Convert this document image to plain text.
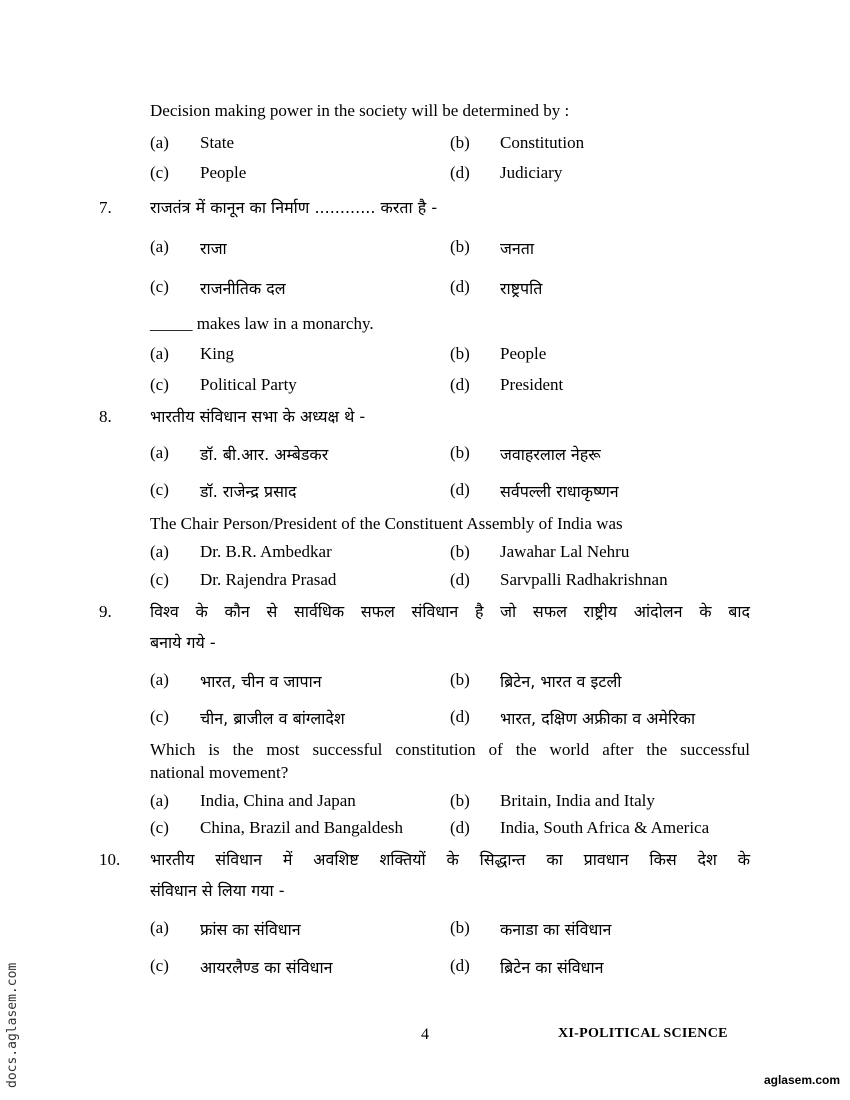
Decision making power in the society will be determined by :
(a) State	(b) Constitution
(c) People	(d) Judiciary
7. राजतंत्र में कानून का निर्माण ............ करता है -
(a) राजा	(b) जनता
(c) राजनीतिक दल	(d) राष्ट्रपति
_____ makes law in a monarchy.
(a) King	(b) People
(c) Political Party	(d) President
8. भारतीय संविधान सभा के अध्यक्ष थे -
(a) डॉ. बी.आर. अम्बेडकर	(b) जवाहरलाल नेहरू
(c) डॉ. राजेन्द्र प्रसाद	(d) सर्वपल्ली राधाकृष्णन
The Chair Person/President of the Constituent Assembly of India was
(a) Dr. B.R. Ambedkar	(b) Jawahar Lal Nehru
(c) Dr. Rajendra Prasad	(d) Sarvpalli Radhakrishnan
9. विश्व के कौन से सार्वधिक सफल संविधान है जो सफल राष्ट्रीय आंदोलन के बाद
बनाये गये -
(a) भारत, चीन व जापान	(b) ब्रिटेन, भारत व इटली
(c) चीन, ब्राजील व बांग्लादेश	(d) भारत, दक्षिण अफ्रीका व अमेरिका
Which is the most successful constitution of the world after the successful
national movement?
(a) India, China and Japan	(b) Britain, India and Italy
(c) China, Brazil and Bangaldesh	(d) India, South Africa & America
10. भारतीय संविधान में अवशिष्ट शक्तियों के सिद्धान्त का प्रावधान किस देश के
संविधान से लिया गया -
(a) फ्रांस का संविधान	(b) कनाडा का संविधान
(c) आयरलैण्ड का संविधान	(d) ब्रिटेन का संविधान
4	XI-POLITICAL SCIENCE
docs.aglasem.com	aglasem.com
